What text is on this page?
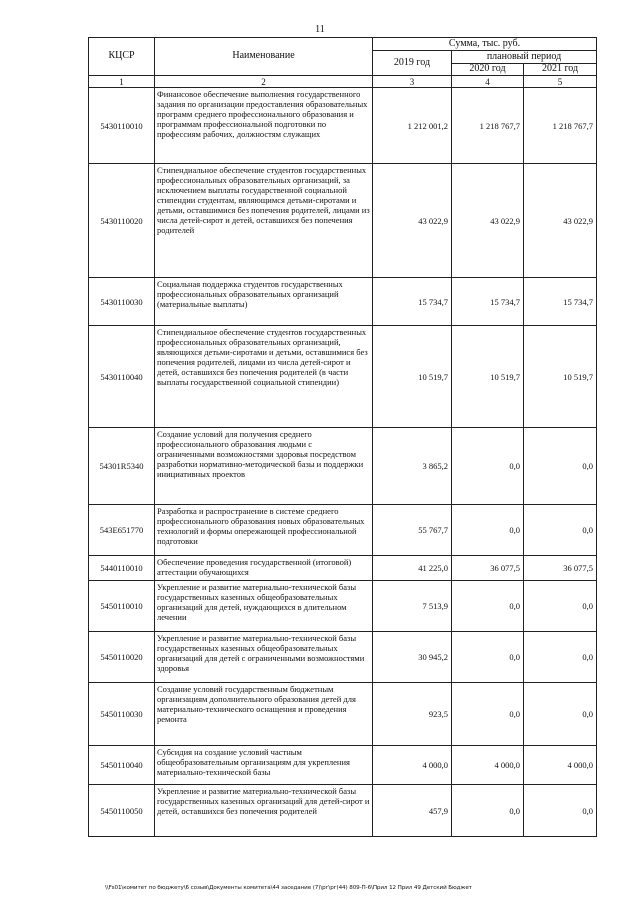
11
КЦСР	Наименование	Сумма, тыс. руб.		
		2019 год	плановый период	
			2020 год	2021 год
1	2	3	4	5
5430110010	Финансовое обеспечение выполнения государственного задания по организации предоставления образовательных программ среднего профессионального образования и программам профессиональной подготовки по профессиям рабочих, должностям служащих	1 212 001,2	1 218 767,7	1 218 767,7
5430110020	Стипендиальное обеспечение студентов государственных профессиональных образовательных организаций, за исключением выплаты государственной социальной стипендии студентам, являющимся детьми-сиротами и детьми, оставшимися без попечения родителей, лицами из числа детей-сирот и детей, оставшихся без попечения родителей	43 022,9	43 022,9	43 022,9
5430110030	Социальная поддержка студентов государственных профессиональных образовательных организаций (материальные выплаты)	15 734,7	15 734,7	15 734,7
5430110040	Стипендиальное обеспечение студентов государственных профессиональных образовательных организаций, являющихся детьми-сиротами и детьми, оставшимися без попечения родителей, лицами из числа детей-сирот и детей, оставшихся без попечения родителей (в части выплаты государственной социальной стипендии)	10 519,7	10 519,7	10 519,7
54301R5340	Создание условий для получения среднего профессионального образования людьми с ограниченными возможностями здоровья посредством разработки нормативно-методической базы и поддержки инициативных проектов	3 865,2	0,0	0,0
543E651770	Разработка и распространение в системе среднего профессионального образования новых образовательных технологий и формы опережающей профессиональной подготовки	55 767,7	0,0	0,0
5440110010	Обеспечение проведения государственной (итоговой) аттестации обучающихся	41 225,0	36 077,5	36 077,5
5450110010	Укрепление и развитие материально-технической базы государственных казенных общеобразовательных организаций для детей, нуждающихся в длительном лечении	7 513,9	0,0	0,0
5450110020	Укрепление и развитие материально-технической базы государственных казенных общеобразовательных организаций для детей с ограниченными возможностями здоровья	30 945,2	0,0	0,0
5450110030	Создание условий государственным бюджетным организациям дополнительного образования детей для материально-технического оснащения и проведения ремонта	923,5	0,0	0,0
5450110040	Субсидия на создание условий частным общеобразовательным организациям для укрепления материально-технической базы	4 000,0	4 000,0	4 000,0
5450110050	Укрепление и развитие материально-технической базы государственных казенных организаций для детей-сирот и детей, оставшихся без попечения родителей	457,9	0,0	0,0
\\Fs01\комитет по бюджету\6 созыв\Документы комитета\44 заседание (7)\рг\рг(44) 809-П-6\Прил 12 Прил 49 Детский Бюджет
